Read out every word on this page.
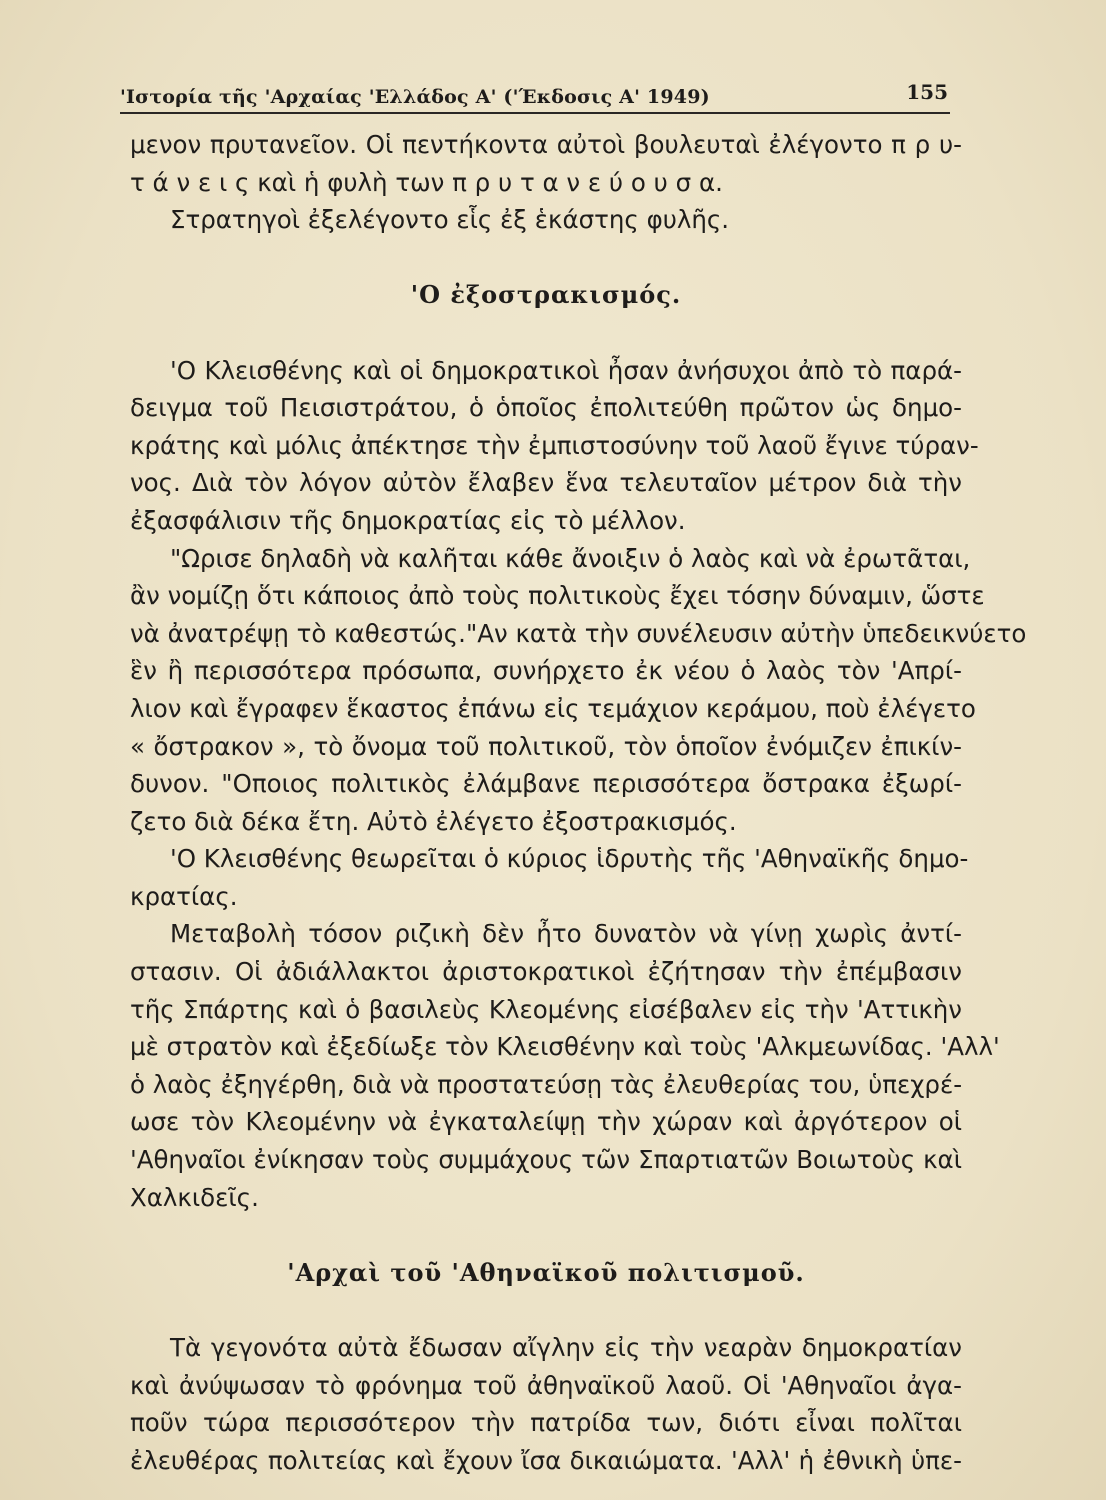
'Ιστορία τῆς 'Αρχαίας 'Ελλάδος Α' ('Έκδοσις Α' 1949)	155
μενον πρυτανεῖον. Οἱ πεντήκοντα αὐτοὶ βουλευταὶ ἐλέγοντο π ρ υ-
τ ά ν ε ι ς καὶ ἡ φυλὴ των π ρ υ τ α ν ε ύ ο υ σ α.
Στρατηγοὶ ἐξελέγοντο εἷς ἐξ ἑκάστης φυλῆς.
'Ο ἐξοστρακισμός.
'Ο Κλεισθένης καὶ οἱ δημοκρατικοὶ ἦσαν ἀνήσυχοι ἀπὸ τὸ παρά-
δειγμα τοῦ Πεισιστράτου, ὁ ὁποῖος ἐπολιτεύθη πρῶτον ὡς δημο-
κράτης καὶ μόλις ἀπέκτησε τὴν ἐμπιστοσύνην τοῦ λαοῦ ἔγινε τύραν-
νος. Διὰ τὸν λόγον αὐτὸν ἔλαβεν ἕνα τελευταῖον μέτρον διὰ τὴν
ἐξασφάλισιν τῆς δημοκρατίας εἰς τὸ μέλλον.
"Ωρισε δηλαδὴ νὰ καλῆται κάθε ἄνοιξιν ὁ λαὸς καὶ νὰ ἐρωτᾶται,
ἂν νομίζῃ ὅτι κάποιος ἀπὸ τοὺς πολιτικοὺς ἔχει τόσην δύναμιν, ὥστε
νὰ ἀνατρέψῃ τὸ καθεστώς."Αν κατὰ τὴν συνέλευσιν αὐτὴν ὑπεδεικνύετο
ἓν ἢ περισσότερα πρόσωπα, συνήρχετο ἐκ νέου ὁ λαὸς τὸν 'Απρί-
λιον καὶ ἔγραφεν ἕκαστος ἐπάνω εἰς τεμάχιον κεράμου, ποὺ ἐλέγετο
« ὄστρακον », τὸ ὄνομα τοῦ πολιτικοῦ, τὸν ὁποῖον ἐνόμιζεν ἐπικίν-
δυνον. "Οποιος πολιτικὸς ἐλάμβανε περισσότερα ὄστρακα ἐξωρί-
ζετο διὰ δέκα ἔτη. Αὐτὸ ἐλέγετο ἐξοστρακισμός.
'Ο Κλεισθένης θεωρεῖται ὁ κύριος ἱδρυτὴς τῆς 'Αθηναϊκῆς δημο-
κρατίας.
Μεταβολὴ τόσον ριζικὴ δὲν ἦτο δυνατὸν νὰ γίνῃ χωρὶς ἀντί-
στασιν. Οἱ ἀδιάλλακτοι ἀριστοκρατικοὶ ἐζήτησαν τὴν ἐπέμβασιν
τῆς Σπάρτης καὶ ὁ βασιλεὺς Κλεομένης εἰσέβαλεν εἰς τὴν 'Αττικὴν
μὲ στρατὸν καὶ ἐξεδίωξε τὸν Κλεισθένην καὶ τοὺς 'Αλκμεωνίδας. 'Αλλ'
ὁ λαὸς ἐξηγέρθη, διὰ νὰ προστατεύσῃ τὰς ἐλευθερίας του, ὑπεχρέ-
ωσε τὸν Κλεομένην νὰ ἐγκαταλείψῃ τὴν χώραν καὶ ἀργότερον οἱ
'Αθηναῖοι ἐνίκησαν τοὺς συμμάχους τῶν Σπαρτιατῶν Βοιωτοὺς καὶ
Χαλκιδεῖς.
'Αρχαὶ τοῦ 'Αθηναϊκοῦ πολιτισμοῦ.
Τὰ γεγονότα αὐτὰ ἔδωσαν αἴγλην εἰς τὴν νεαρὰν δημοκρατίαν
καὶ ἀνύψωσαν τὸ φρόνημα τοῦ ἀθηναϊκοῦ λαοῦ. Οἱ 'Αθηναῖοι ἀγα-
ποῦν τώρα περισσότερον τὴν πατρίδα των, διότι εἶναι πολῖται
ἐλευθέρας πολιτείας καὶ ἔχουν ἴσα δικαιώματα. 'Αλλ' ἡ ἐθνικὴ ὑπε-
